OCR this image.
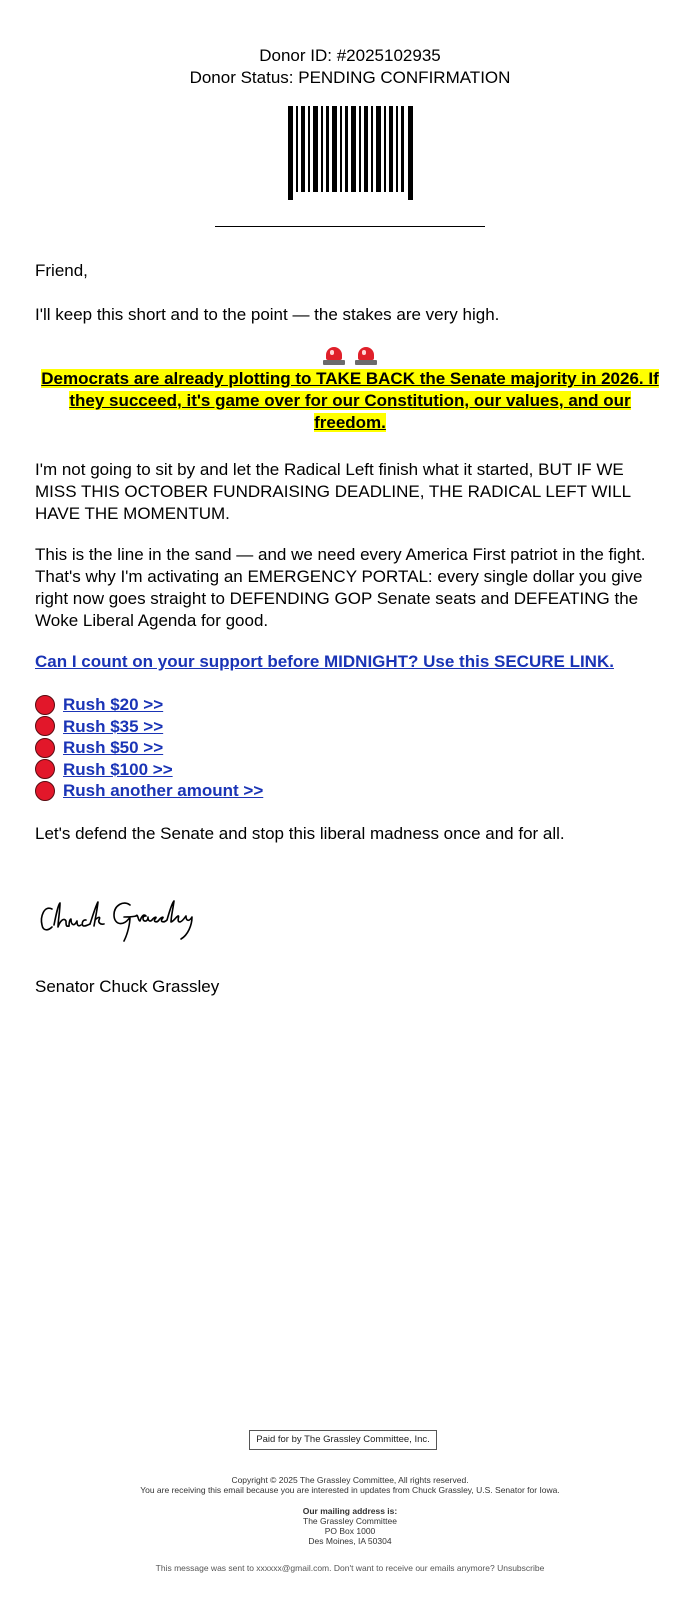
Donor ID: #2025102935
Donor Status: PENDING CONFIRMATION
Friend,
I'll keep this short and to the point — the stakes are very high.

Democrats are already plotting to TAKE BACK the Senate majority in 2026. If they succeed, it's game over for our Constitution, our values, and our freedom.
I'm not going to sit by and let the Radical Left finish what it started, BUT IF WE MISS THIS OCTOBER FUNDRAISING DEADLINE, THE RADICAL LEFT WILL HAVE THE MOMENTUM.
This is the line in the sand — and we need every America First patriot in the fight. That's why I'm activating an EMERGENCY PORTAL: every single dollar you give right now goes straight to DEFENDING GOP Senate seats and DEFEATING the Woke Liberal Agenda for good.
Can I count on your support before MIDNIGHT? Use this SECURE LINK.
Rush $20 >>
Rush $35 >>
Rush $50 >>
Rush $100 >>
Rush another amount >>
Let's defend the Senate and stop this liberal madness once and for all.
Senator Chuck Grassley
Paid for by The Grassley Committee, Inc.
Copyright © 2025 The Grassley Committee, All rights reserved.
You are receiving this email because you are interested in updates from Chuck Grassley, U.S. Senator for Iowa.
Our mailing address is:
The Grassley Committee
PO Box 1000
Des Moines, IA 50304
This message was sent to xxxxxx@gmail.com. Don't want to receive our emails anymore? Unsubscribe
